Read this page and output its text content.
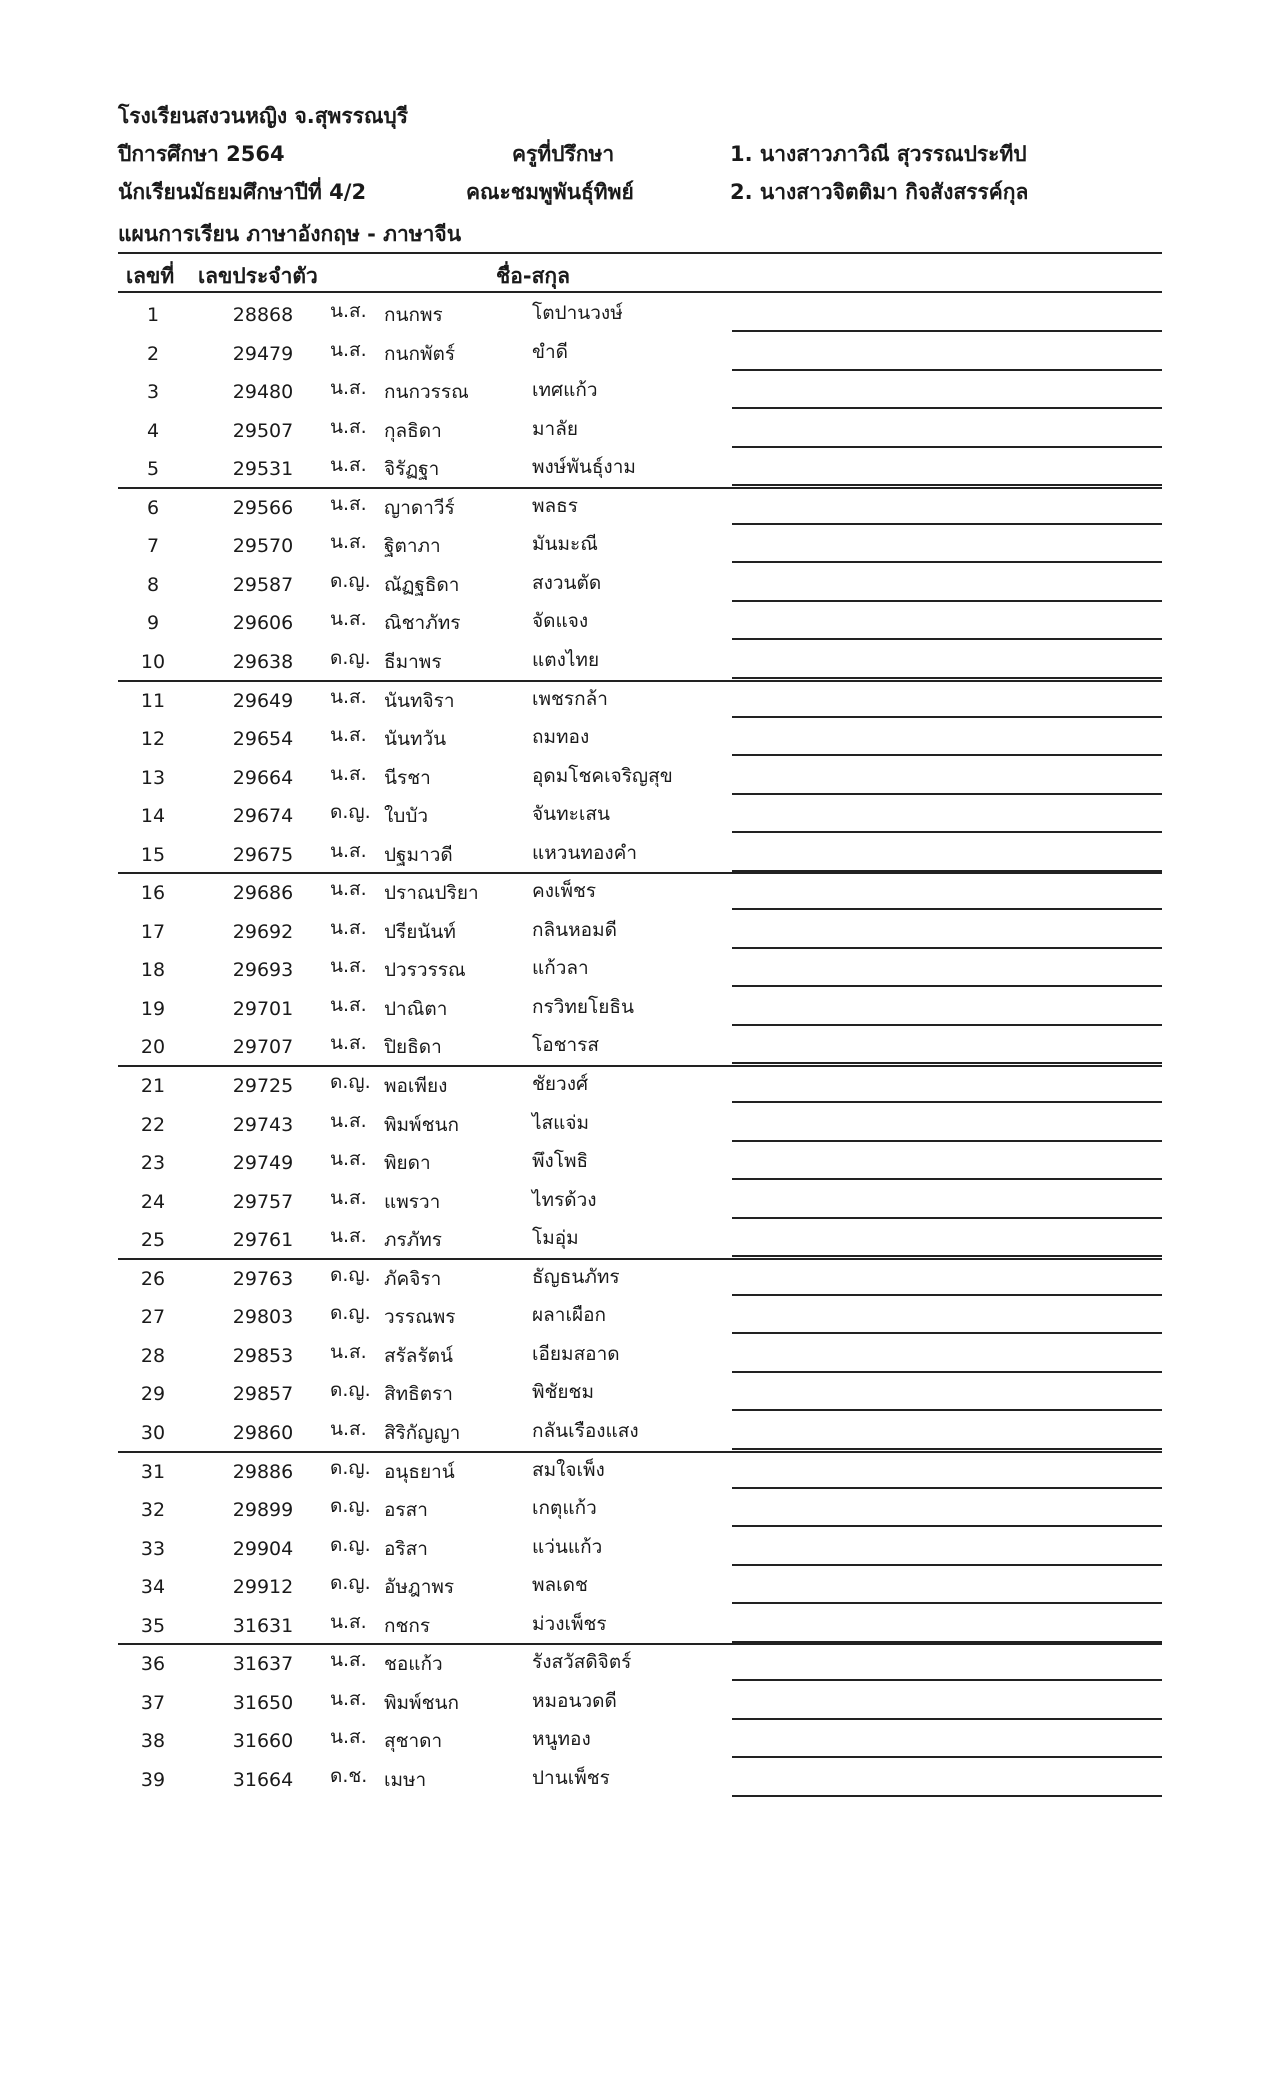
โรงเรียนสงวนหญิง จ.สุพรรณบุรี
ปีการศึกษา 2564	ครูที่ปรึกษา	1. นางสาวภาวิณี สุวรรณประทีป
นักเรียนมัธยมศึกษาปีที่ 4/2	คณะชมพูพันธุ์ทิพย์	2. นางสาวจิตติมา กิจสังสรรค์กุล
แผนการเรียน ภาษาอังกฤษ - ภาษาจีน
เลขที่ เลขประจำตัว	ชื่อ-สกุล
1	28868	น.ส. กนกพร	โตปานวงษ์
2	29479	น.ส. กนกพัตร์	ขำดี
3	29480	น.ส. กนกวรรณ	เทศแก้ว
4	29507	น.ส. กุลธิดา	มาลัย
5	29531	น.ส. จิรัฏฐา	พงษ์พันธุ์งาม
6	29566	น.ส. ญาดาวีร์	พลธร
7	29570	น.ส. ฐิตาภา	มันมะณี
8	29587	ด.ญ. ณัฏฐธิดา	สงวนตัด
9	29606	น.ส. ณิชาภัทร	จัดแจง
10	29638	ด.ญ. ธีมาพร	แตงไทย
11	29649	น.ส. นันทจิรา	เพชรกล้า
12	29654	น.ส. นันทวัน	ถมทอง
13	29664	น.ส. นีรชา	อุดมโชคเจริญสุข
14	29674	ด.ญ. ใบบัว	จันทะเสน
15	29675	น.ส. ปฐมาวดี	แหวนทองคำ
16	29686	น.ส. ปราณปริยา	คงเพ็ชร
17	29692	น.ส. ปรียนันท์	กลินหอมดี
18	29693	น.ส. ปวรวรรณ	แก้วลา
19	29701	น.ส. ปาณิตา	กรวิทยโยธิน
20	29707	น.ส. ปิยธิดา	โอชารส
21	29725	ด.ญ. พอเพียง	ชัยวงศ์
22	29743	น.ส. พิมพ์ชนก	ไสแจ่ม
23	29749	น.ส. พิยดา	พึงโพธิ
24	29757	น.ส. แพรวา	ไทรด้วง
25	29761	น.ส. ภรภัทร	โมอุ่ม
26	29763	ด.ญ. ภัคจิรา	ธัญธนภัทร
27	29803	ด.ญ. วรรณพร	ผลาเผือก
28	29853	น.ส. สรัลรัตน์	เอียมสอาด
29	29857	ด.ญ. สิทธิตรา	พิชัยชม
30	29860	น.ส. สิริกัญญา	กลันเรืองแสง
31	29886	ด.ญ. อนุธยาน์	สมใจเพ็ง
32	29899	ด.ญ. อรสา	เกตุแก้ว
33	29904	ด.ญ. อริสา	แว่นแก้ว
34	29912	ด.ญ. อัษฎาพร	พลเดช
35	31631	น.ส. กชกร	ม่วงเพ็ชร
36	31637	น.ส. ชอแก้ว	รังสวัสดิจิตร์
37	31650	น.ส. พิมพ์ชนก	หมอนวดดี
38	31660	น.ส. สุชาดา	หนูทอง
39	31664	ด.ช. เมษา	ปานเพ็ชร
